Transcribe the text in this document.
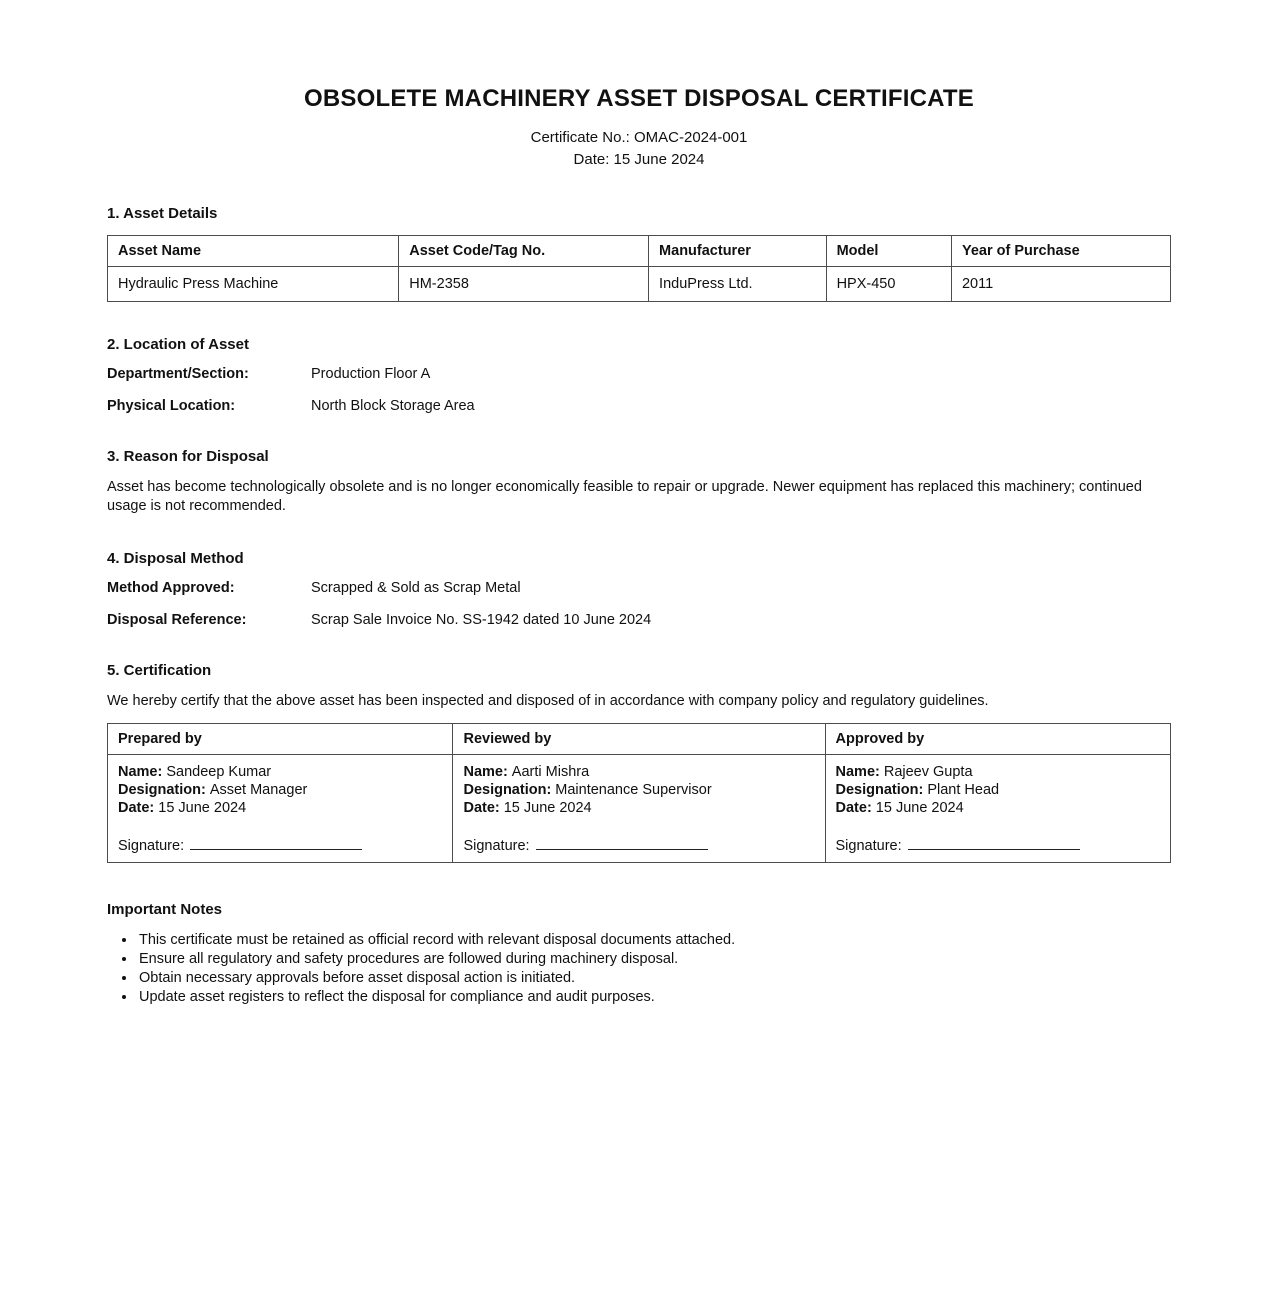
OBSOLETE MACHINERY ASSET DISPOSAL CERTIFICATE
Certificate No.: OMAC-2024-001
Date: 15 June 2024
1. Asset Details
Asset Name	Asset Code/Tag No.	Manufacturer	Model	Year of Purchase
Hydraulic Press Machine	HM-2358	InduPress Ltd.	HPX-450	2011
2. Location of Asset
Department/Section:	Production Floor A
Physical Location:	North Block Storage Area
3. Reason for Disposal
Asset has become technologically obsolete and is no longer economically feasible to repair or upgrade. Newer equipment has replaced this machinery; continued usage is not recommended.
4. Disposal Method
Method Approved:	Scrapped & Sold as Scrap Metal
Disposal Reference:	Scrap Sale Invoice No. SS-1942 dated 10 June 2024
5. Certification
We hereby certify that the above asset has been inspected and disposed of in accordance with company policy and regulatory guidelines.
Prepared by	Reviewed by	Approved by

Name: Sandeep Kumar
Designation: Asset Manager
Date: 15 June 2024
Signature:

Name: Aarti Mishra
Designation: Maintenance Supervisor
Date: 15 June 2024
Signature:

Name: Rajeev Gupta
Designation: Plant Head
Date: 15 June 2024
Signature:
Important Notes
• This certificate must be retained as official record with relevant disposal documents attached.
• Ensure all regulatory and safety procedures are followed during machinery disposal.
• Obtain necessary approvals before asset disposal action is initiated.
• Update asset registers to reflect the disposal for compliance and audit purposes.
